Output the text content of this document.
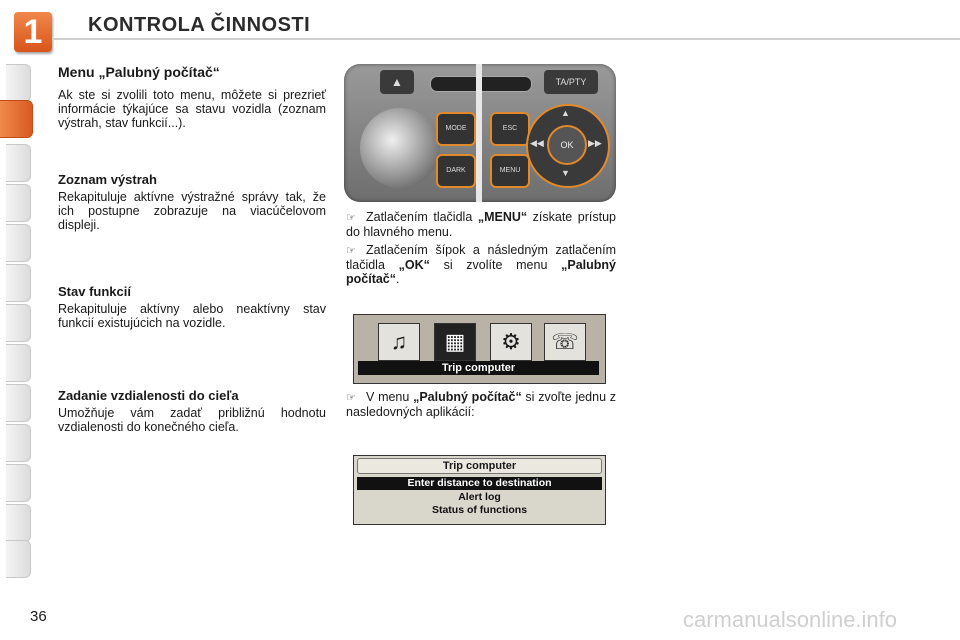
1	KONTROLA ČINNOSTI
Menu „Palubný počítač“
Ak ste si zvolili toto menu, môžete si prezrieť informácie týkajúce sa stavu vozidla (zoznam výstrah, stav funkcií...).
Zoznam výstrah
Rekapituluje aktívne výstražné správy tak, že ich postupne zobrazuje na viacúčelovom displeji.
Stav funkcií
Rekapituluje aktívny alebo neaktívny stav funkcií existujúcich na vozidle.
Zadanie vzdialenosti do cieľa
Umožňuje vám zadať približnú hodnotu vzdialenosti do konečného cieľa.
▲	TA/PTY
MODE
DARK
ESC
MENU
▲
▼
◀◀	▶▶
OK
☞ Zatlačením tlačidla „MENU“ získate prístup do hlavného menu.
☞ Zatlačením šípok a následným zatlačením tlačidla „OK“ si zvolíte menu „Palubný počítač“.
♫	▦	⚙	☏
Trip computer
☞ V menu „Palubný počítač“ si zvoľte jednu z nasledovných aplikácií:
Trip computer
Enter distance to destination
Alert log
Status of functions
36	carmanualsonline.info
